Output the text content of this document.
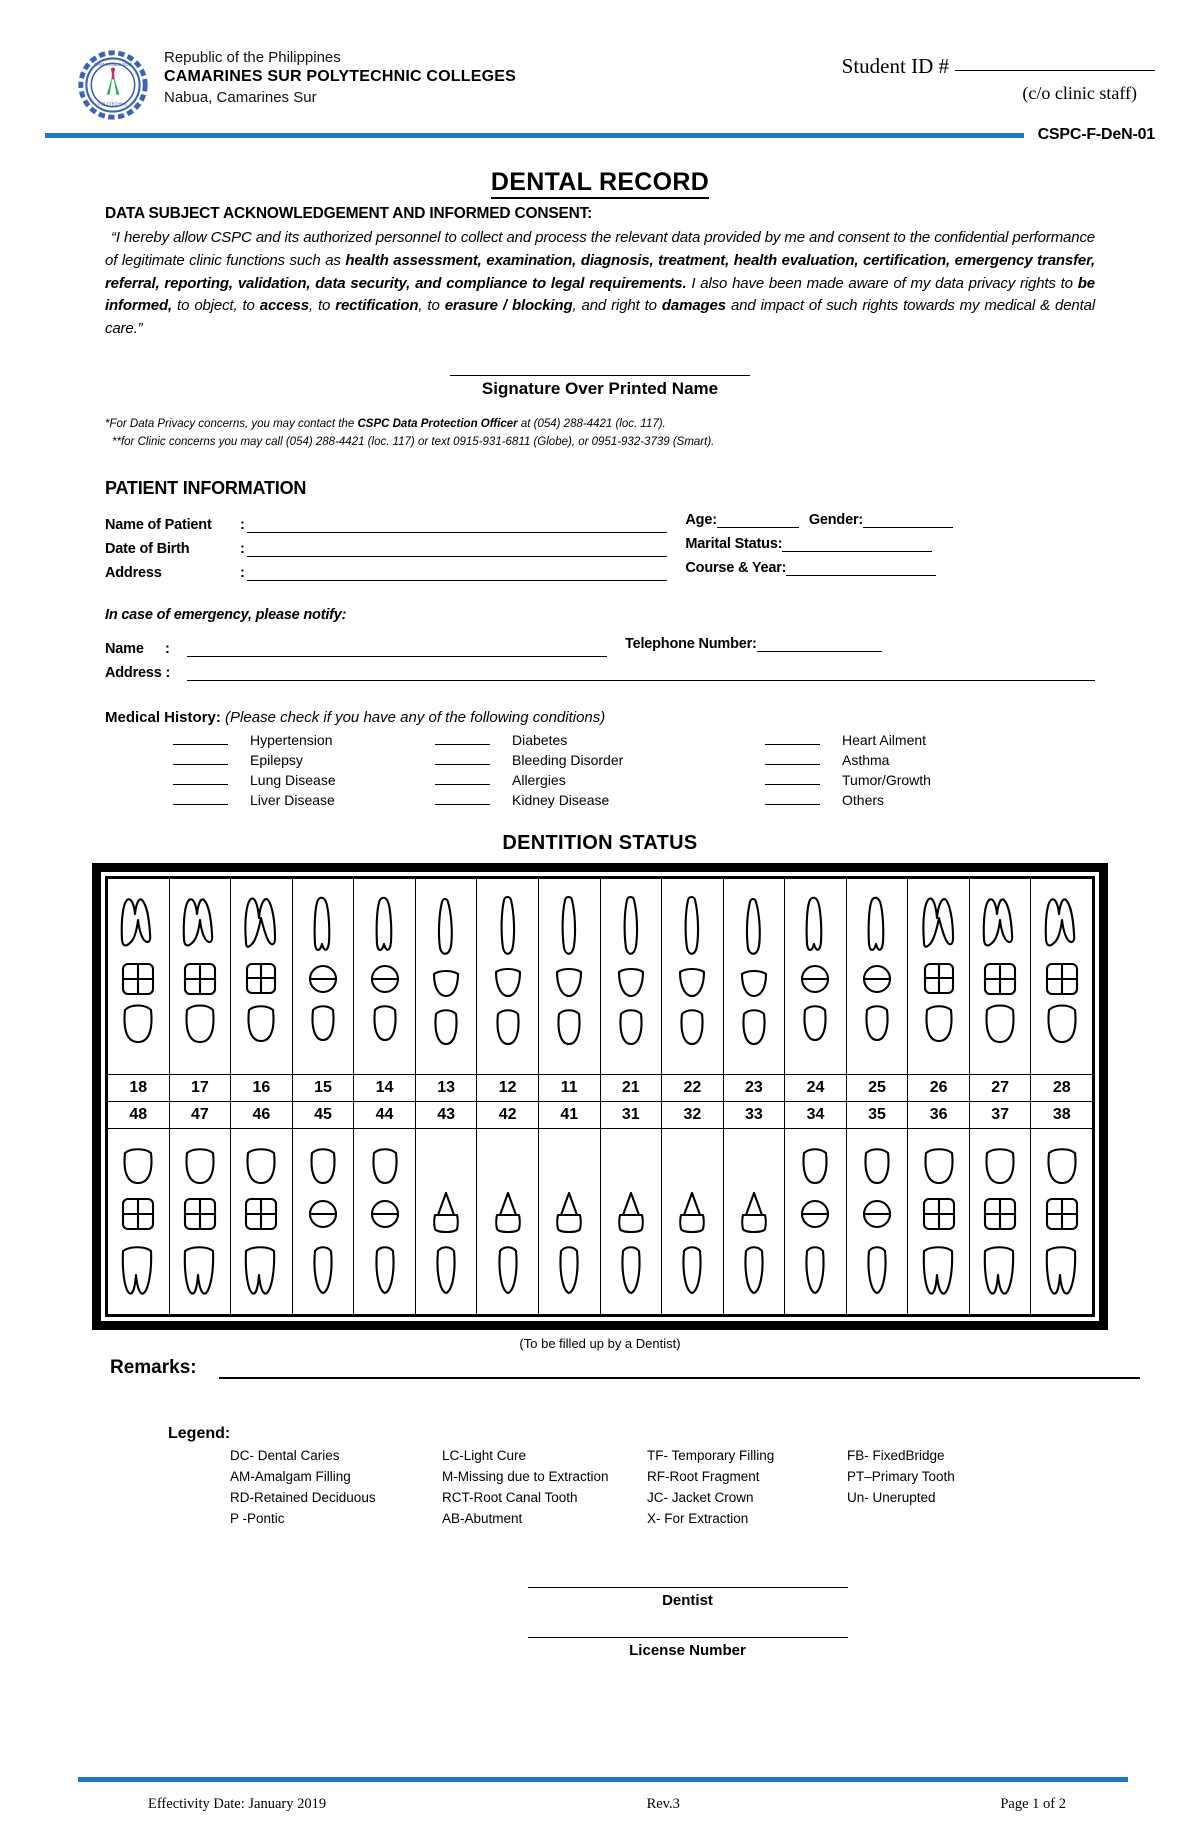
CAMARINES SUR
POLYTECHNIC
Republic of the Philippines
CAMARINES SUR POLYTECHNIC COLLEGES
Nabua, Camarines Sur
Student ID #
(c/o clinic staff)
CSPC-F-DeN-01
DENTAL RECORD
DATA SUBJECT ACKNOWLEDGEMENT AND INFORMED CONSENT:
“I hereby allow CSPC and its authorized personnel to collect and process the relevant data provided by me and consent to the confidential performance of legitimate clinic functions such as health assessment, examination, diagnosis, treatment, health evaluation, certification, emergency transfer, referral, reporting, validation, data security, and compliance to legal requirements. I also have been made aware of my data privacy rights to be informed, to object, to access, to rectification, to erasure / blocking, and right to damages and impact of such rights towards my medical & dental care.”
Signature Over Printed Name
*For Data Privacy concerns, you may contact the CSPC Data Protection Officer at (054) 288-4421 (loc. 117).
**for Clinic concerns you may call (054) 288-4421 (loc. 117) or text 0915-931-6811 (Globe), or 0951-932-3739 (Smart).
PATIENT INFORMATION
Name of Patient	:	
			Age:			Gender:	

Date of Birth	:	
			Marital Status:	

Address	:	
			Course & Year:	
In case of emergency, please notify:
Name	:	
			Telephone Number:	

Address :	
Medical History: (Please check if you have any of the following conditions)
Hypertension	Diabetes	Heart Ailment
Epilepsy	Bleeding Disorder	Asthma
Lung Disease	Allergies	Tumor/Growth
Liver Disease	Kidney Disease	Others
DENTITION STATUS

18	17	16	15	14	13	12	11	21	22	23	24	25	26	27	28
48	47	46	45	44	43	42	41	31	32	33	34	35	36	37	38

(To be filled up by a Dentist)
Remarks:
Legend:
DC- Dental Caries	LC-Light Cure	TF- Temporary Filling	FB- FixedBridge
AM-Amalgam Filling	M-Missing due to Extraction	RF-Root Fragment	PT–Primary Tooth
RD-Retained Deciduous	RCT-Root Canal Tooth	JC- Jacket Crown	Un- Unerupted
P -Pontic	AB-Abutment	X- For Extraction
Dentist
License Number
Effectivity Date: January 2019	Rev.3	Page 1 of 2
